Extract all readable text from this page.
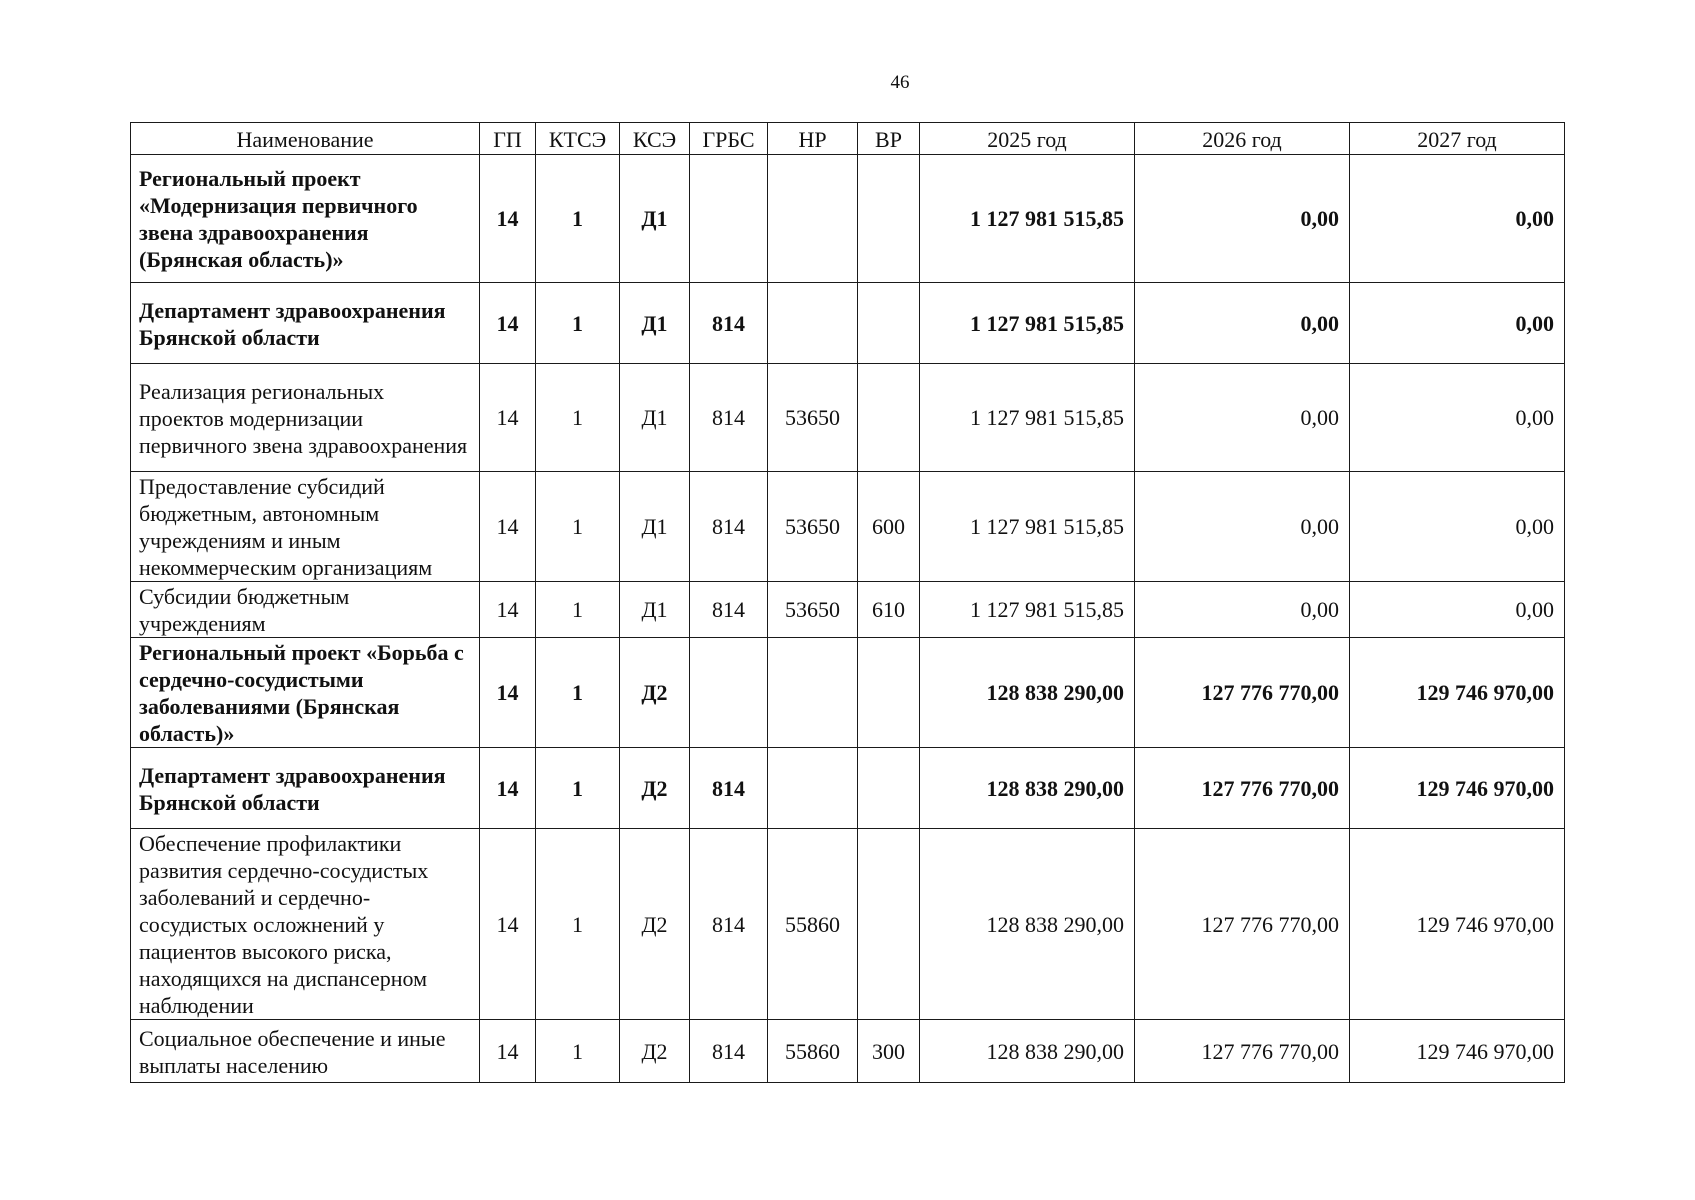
46
Наименование	ГП	КТСЭ	КСЭ	ГРБС	НР	ВР	2025 год	2026 год	2027 год
Региональный проект «Модернизация первичного звена здравоохранения (Брянская область)»	14	1	Д1				1 127 981 515,85	0,00	0,00
Департамент здравоохранения Брянской области	14	1	Д1	814			1 127 981 515,85	0,00	0,00
Реализация региональных проектов модернизации первичного звена здравоохранения	14	1	Д1	814	53650		1 127 981 515,85	0,00	0,00
Предоставление субсидий бюджетным, автономным учреждениям и иным некоммерческим организациям	14	1	Д1	814	53650	600	1 127 981 515,85	0,00	0,00
Субсидии бюджетным учреждениям	14	1	Д1	814	53650	610	1 127 981 515,85	0,00	0,00
Региональный проект «Борьба с сердечно-сосудистыми заболеваниями (Брянская область)»	14	1	Д2				128 838 290,00	127 776 770,00	129 746 970,00
Департамент здравоохранения Брянской области	14	1	Д2	814			128 838 290,00	127 776 770,00	129 746 970,00
Обеспечение профилактики развития сердечно-сосудистых заболеваний и сердечно-сосудистых осложнений у пациентов высокого риска, находящихся на диспансерном наблюдении	14	1	Д2	814	55860		128 838 290,00	127 776 770,00	129 746 970,00
Социальное обеспечение и иные выплаты населению	14	1	Д2	814	55860	300	128 838 290,00	127 776 770,00	129 746 970,00
